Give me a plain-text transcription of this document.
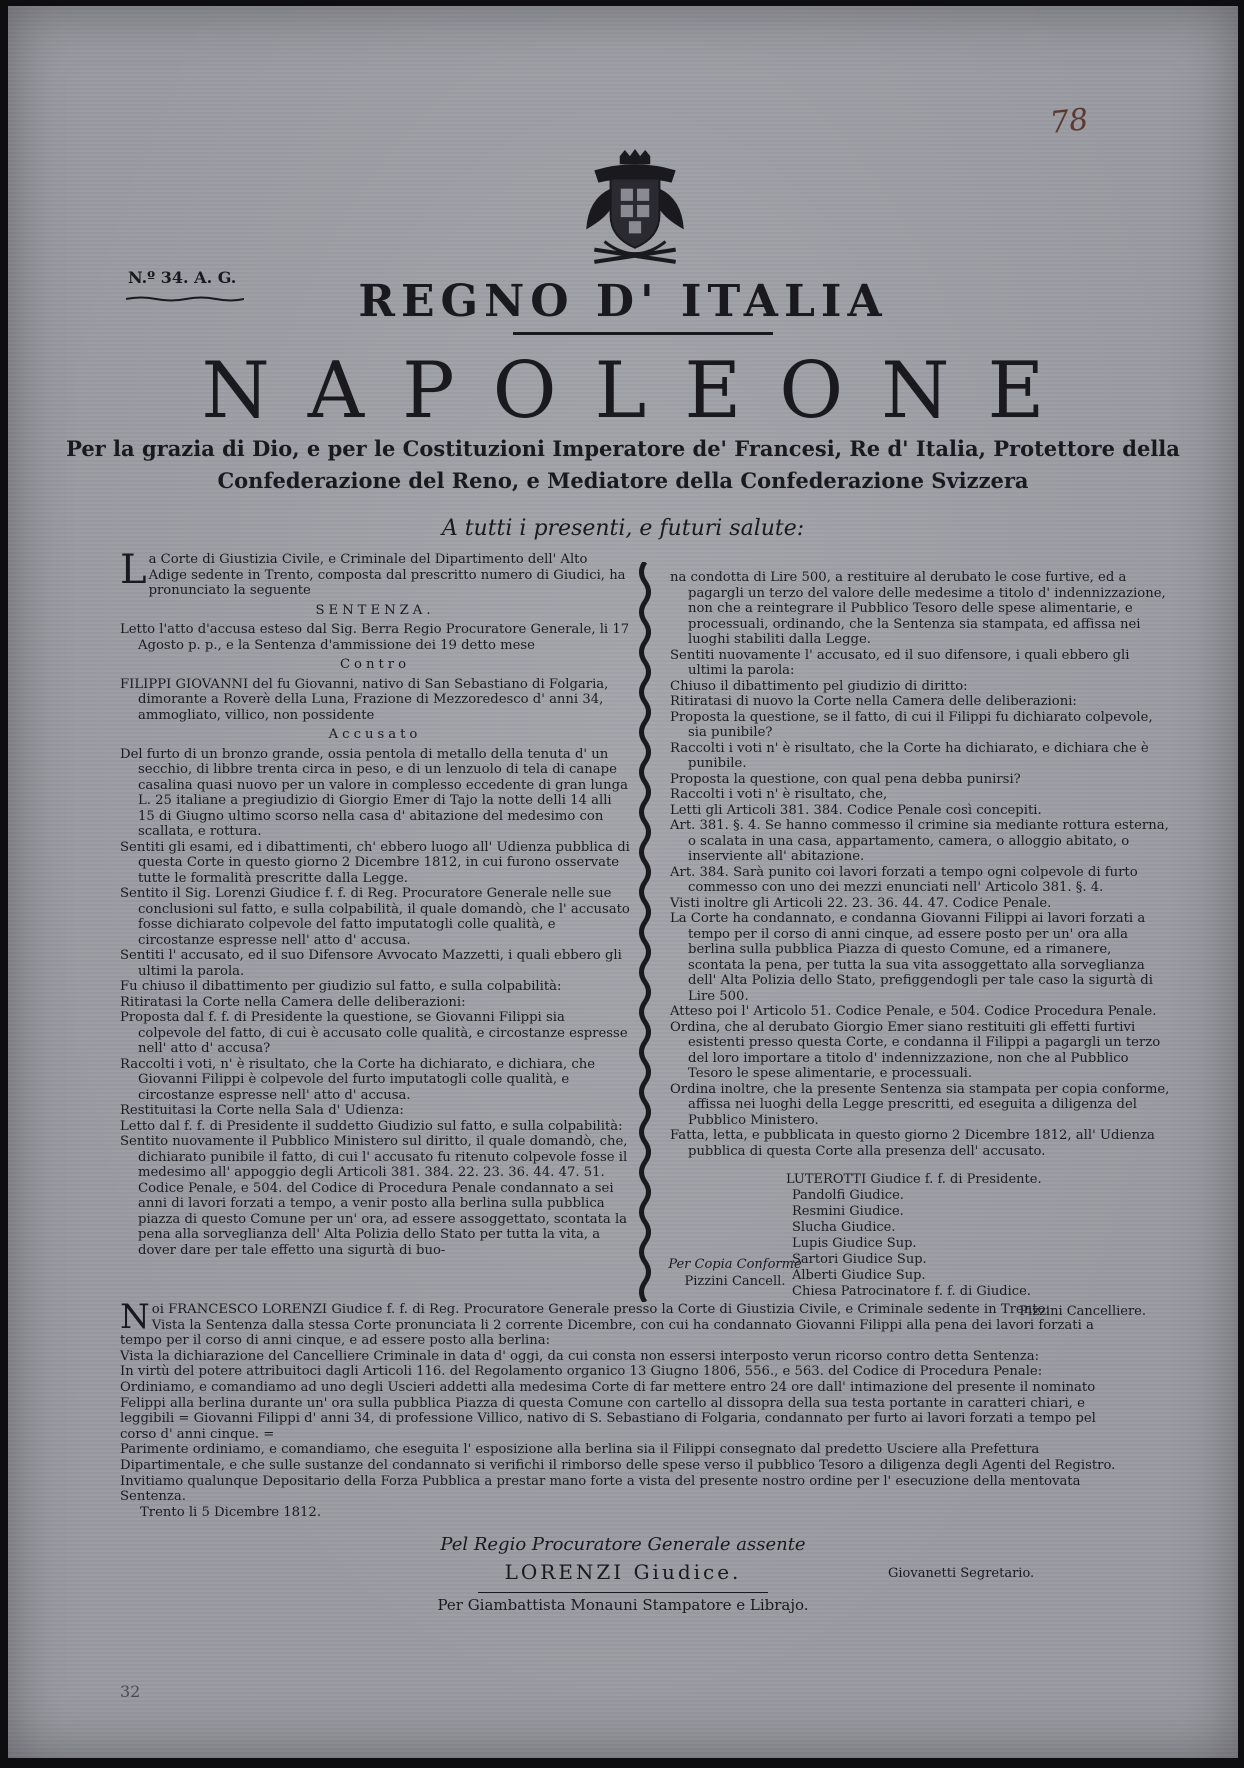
78
N.º 34. A. G.	REGNO D' ITALIA
NAPOLEONE
Per la grazia di Dio, e per le Costituzioni Imperatore de' Francesi, Re d' Italia, Protettore della
Confederazione del Reno, e Mediatore della Confederazione Svizzera
A tutti i presenti, e futuri salute:

La Corte di Giustizia Civile, e Criminale del Dipartimento dell' Alto Adige sedente in Trento, composta dal prescritto numero di Giudici, ha pronunciato la seguente

SENTENZA.

Letto l'atto d'accusa esteso dal Sig. Berra Regio Procuratore Generale, li 17 Agosto p. p., e la Sentenza d'ammissione dei 19 detto mese

Contro

FILIPPI GIOVANNI del fu Giovanni, nativo di San Sebastiano di Folgaria, dimorante a Roverè della Luna, Frazione di Mezzoredesco d' anni 34, ammogliato, villico, non possidente

Accusato

Del furto di un bronzo grande, ossia pentola di metallo della tenuta d' un secchio, di libbre trenta circa in peso, e di un lenzuolo di tela di canape casalina quasi nuovo per un valore in complesso eccedente di gran lunga L. 25 italiane a pregiudizio di Giorgio Emer di Tajo la notte delli 14 alli 15 di Giugno ultimo scorso nella casa d' abitazione del medesimo con scallata, e rottura.

Sentiti gli esami, ed i dibattimenti, ch' ebbero luogo all' Udienza pubblica di questa Corte in questo giorno 2 Dicembre 1812, in cui furono osservate tutte le formalità prescritte dalla Legge.

Sentito il Sig. Lorenzi Giudice f. f. di Reg. Procuratore Generale nelle sue conclusioni sul fatto, e sulla colpabilità, il quale domandò, che l' accusato fosse dichiarato colpevole del fatto imputatogli colle qualità, e circostanze espresse nell' atto d' accusa.

Sentiti l' accusato, ed il suo Difensore Avvocato Mazzetti, i quali ebbero gli ultimi la parola.

Fu chiuso il dibattimento per giudizio sul fatto, e sulla colpabilità:

Ritiratasi la Corte nella Camera delle deliberazioni:

Proposta dal f. f. di Presidente la questione, se Giovanni Filippi sia colpevole del fatto, di cui è accusato colle qualità, e circostanze espresse nell' atto d' accusa?

Raccolti i voti, n' è risultato, che la Corte ha dichiarato, e dichiara, che Giovanni Filippi è colpevole del furto imputatogli colle qualità, e circostanze espresse nell' atto d' accusa.

Restituitasi la Corte nella Sala d' Udienza:

Letto dal f. f. di Presidente il suddetto Giudizio sul fatto, e sulla colpabilità:

Sentito nuovamente il Pubblico Ministero sul diritto, il quale domandò, che, dichiarato punibile il fatto, di cui l' accusato fu ritenuto colpevole fosse il medesimo all' appoggio degli Articoli 381. 384. 22. 23. 36. 44. 47. 51. Codice Penale, e 504. del Codice di Procedura Penale condannato a sei anni di lavori forzati a tempo, a venir posto alla berlina sulla pubblica piazza di questo Comune per un' ora, ad essere assoggettato, scontata la pena alla sorveglianza dell' Alta Polizia dello Stato per tutta la vita, a dover dare per tale effetto una sigurtà di buo-

na condotta di Lire 500, a restituire al derubato le cose furtive, ed a pagargli un terzo del valore delle medesime a titolo d' indennizzazione, non che a reintegrare il Pubblico Tesoro delle spese alimentarie, e processuali, ordinando, che la Sentenza sia stampata, ed affissa nei luoghi stabiliti dalla Legge.

Sentiti nuovamente l' accusato, ed il suo difensore, i quali ebbero gli ultimi la parola:

Chiuso il dibattimento pel giudizio di diritto:

Ritiratasi di nuovo la Corte nella Camera delle deliberazioni:

Proposta la questione, se il fatto, di cui il Filippi fu dichiarato colpevole, sia punibile?

Raccolti i voti n' è risultato, che la Corte ha dichiarato, e dichiara che è punibile.

Proposta la questione, con qual pena debba punirsi?

Raccolti i voti n' è risultato, che,

Letti gli Articoli 381. 384. Codice Penale così concepiti.

Art. 381. §. 4. Se hanno commesso il crimine sia mediante rottura esterna, o scalata in una casa, appartamento, camera, o alloggio abitato, o inserviente all' abitazione.

Art. 384. Sarà punito coi lavori forzati a tempo ogni colpevole di furto commesso con uno dei mezzi enunciati nell' Articolo 381. §. 4.

Visti inoltre gli Articoli 22. 23. 36. 44. 47. Codice Penale.

La Corte ha condannato, e condanna Giovanni Filippi ai lavori forzati a tempo per il corso di anni cinque, ad essere posto per un' ora alla berlina sulla pubblica Piazza di questo Comune, ed a rimanere, scontata la pena, per tutta la sua vita assoggettato alla sorveglianza dell' Alta Polizia dello Stato, prefiggendogli per tale caso la sigurtà di Lire 500.

Atteso poi l' Articolo 51. Codice Penale, e 504. Codice Procedura Penale.

Ordina, che al derubato Giorgio Emer siano restituiti gli effetti furtivi esistenti presso questa Corte, e condanna il Filippi a pagargli un terzo del loro importare a titolo d' indennizzazione, non che al Pubblico Tesoro le spese alimentarie, e processuali.

Ordina inoltre, che la presente Sentenza sia stampata per copia conforme, affissa nei luoghi della Legge prescritti, ed eseguita a diligenza del Pubblico Ministero.

Fatta, letta, e pubblicata in questo giorno 2 Dicembre 1812, all' Udienza pubblica di questa Corte alla presenza dell' accusato.

LUTEROTTI Giudice f. f. di Presidente.

Pandolfi Giudice.

Resmini Giudice.

Slucha Giudice.

Lupis Giudice Sup.

Sartori Giudice Sup.

Alberti Giudice Sup.

Chiesa Patrocinatore f. f. di Giudice.

Pizzini Cancelliere.

Per Copia Conforme
Pizzini Cancell.

Noi FRANCESCO LORENZI Giudice f. f. di Reg. Procuratore Generale presso la Corte di Giustizia Civile, e Criminale sedente in Trento:

Vista la Sentenza dalla stessa Corte pronunciata li 2 corrente Dicembre, con cui ha condannato Giovanni Filippi alla pena dei lavori forzati a tempo per il corso di anni cinque, e ad essere posto alla berlina:

Vista la dichiarazione del Cancelliere Criminale in data d' oggi, da cui consta non essersi interposto verun ricorso contro detta Sentenza:

In virtù del potere attribuitoci dagli Articoli 116. del Regolamento organico 13 Giugno 1806, 556., e 563. del Codice di Procedura Penale:

Ordiniamo, e comandiamo ad uno degli Uscieri addetti alla medesima Corte di far mettere entro 24 ore dall' intimazione del presente il nominato Felippi alla berlina durante un' ora sulla pubblica Piazza di questa Comune con cartello al dissopra della sua testa portante in caratteri chiari, e leggibili = Giovanni Filippi d' anni 34, di professione Villico, nativo di S. Sebastiano di Folgaria, condannato per furto ai lavori forzati a tempo pel corso d' anni cinque. =

Parimente ordiniamo, e comandiamo, che eseguita l' esposizione alla berlina sia il Filippi consegnato dal predetto Usciere alla Prefettura Dipartimentale, e che sulle sustanze del condannato si verifichi il rimborso delle spese verso il pubblico Tesoro a diligenza degli Agenti del Registro.

Invitiamo qualunque Depositario della Forza Pubblica a prestar mano forte a vista del presente nostro ordine per l' esecuzione della mentovata Sentenza.

Trento li 5 Dicembre 1812.

Pel Regio Procuratore Generale assente
LORENZI Giudice.	Giovanetti Segretario.
Per Giambattista Monauni Stampatore e Librajo.
32
